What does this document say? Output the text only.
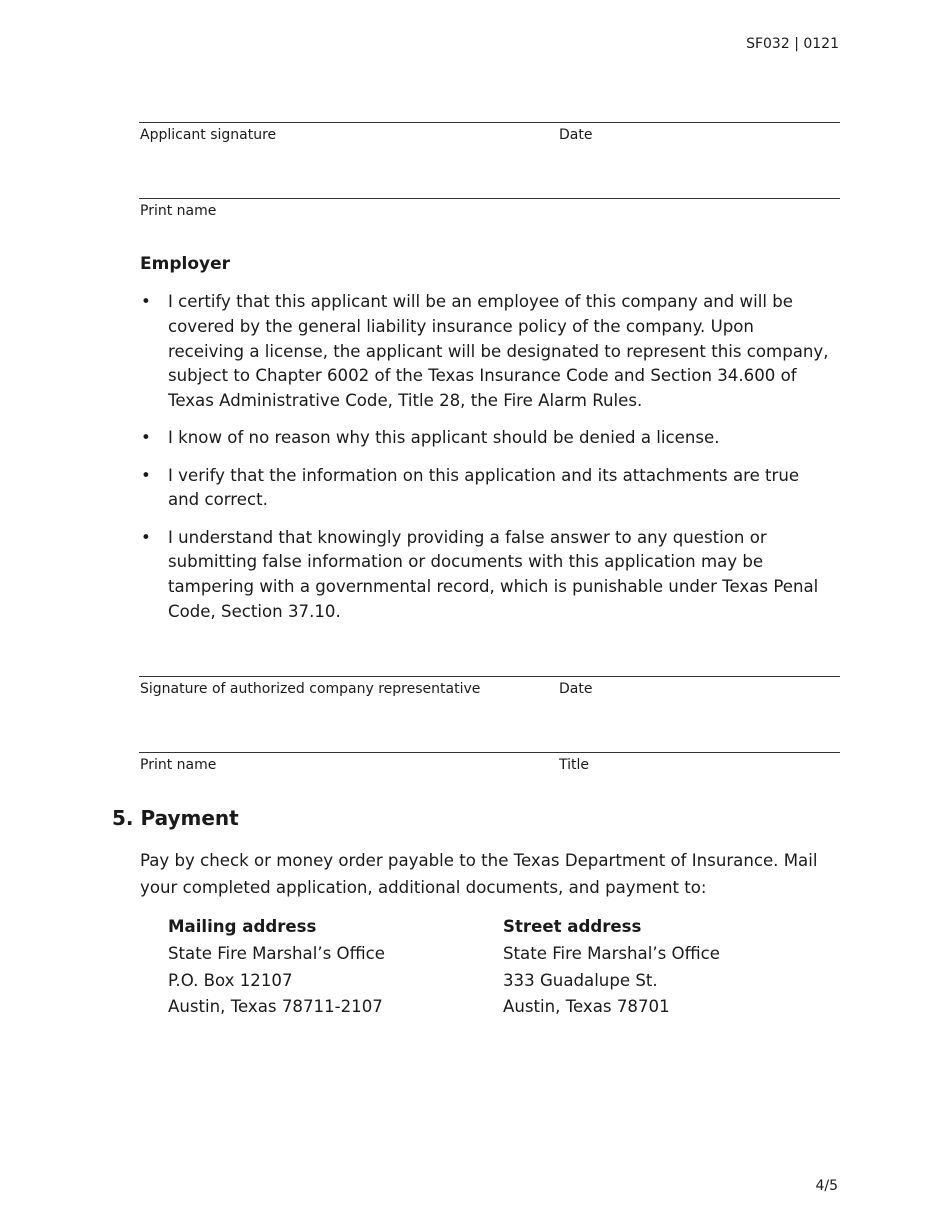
SF032 | 0121
Applicant signature	Date
Print name
Employer
• I certify that this applicant will be an employee of this company and will be covered by the general liability insurance policy of the company. Upon receiving a license, the applicant will be designated to represent this company, subject to Chapter 6002 of the Texas Insurance Code and Section 34.600 of Texas Administrative Code, Title 28, the Fire Alarm Rules.
• I know of no reason why this applicant should be denied a license.
• I verify that the information on this application and its attachments are true and correct.
• I understand that knowingly providing a false answer to any question or submitting false information or documents with this application may be tampering with a governmental record, which is punishable under Texas Penal Code, Section 37.10.
Signature of authorized company representative	Date
Print name	Title
5. Payment

Pay by check or money order payable to the Texas Department of Insurance. Mail your completed application, additional documents, and payment to:

Mailing address
State Fire Marshal’s Office
P.O. Box 12107
Austin, Texas 78711-2107
Street address
State Fire Marshal’s Office
333 Guadalupe St.
Austin, Texas 78701
4/5
